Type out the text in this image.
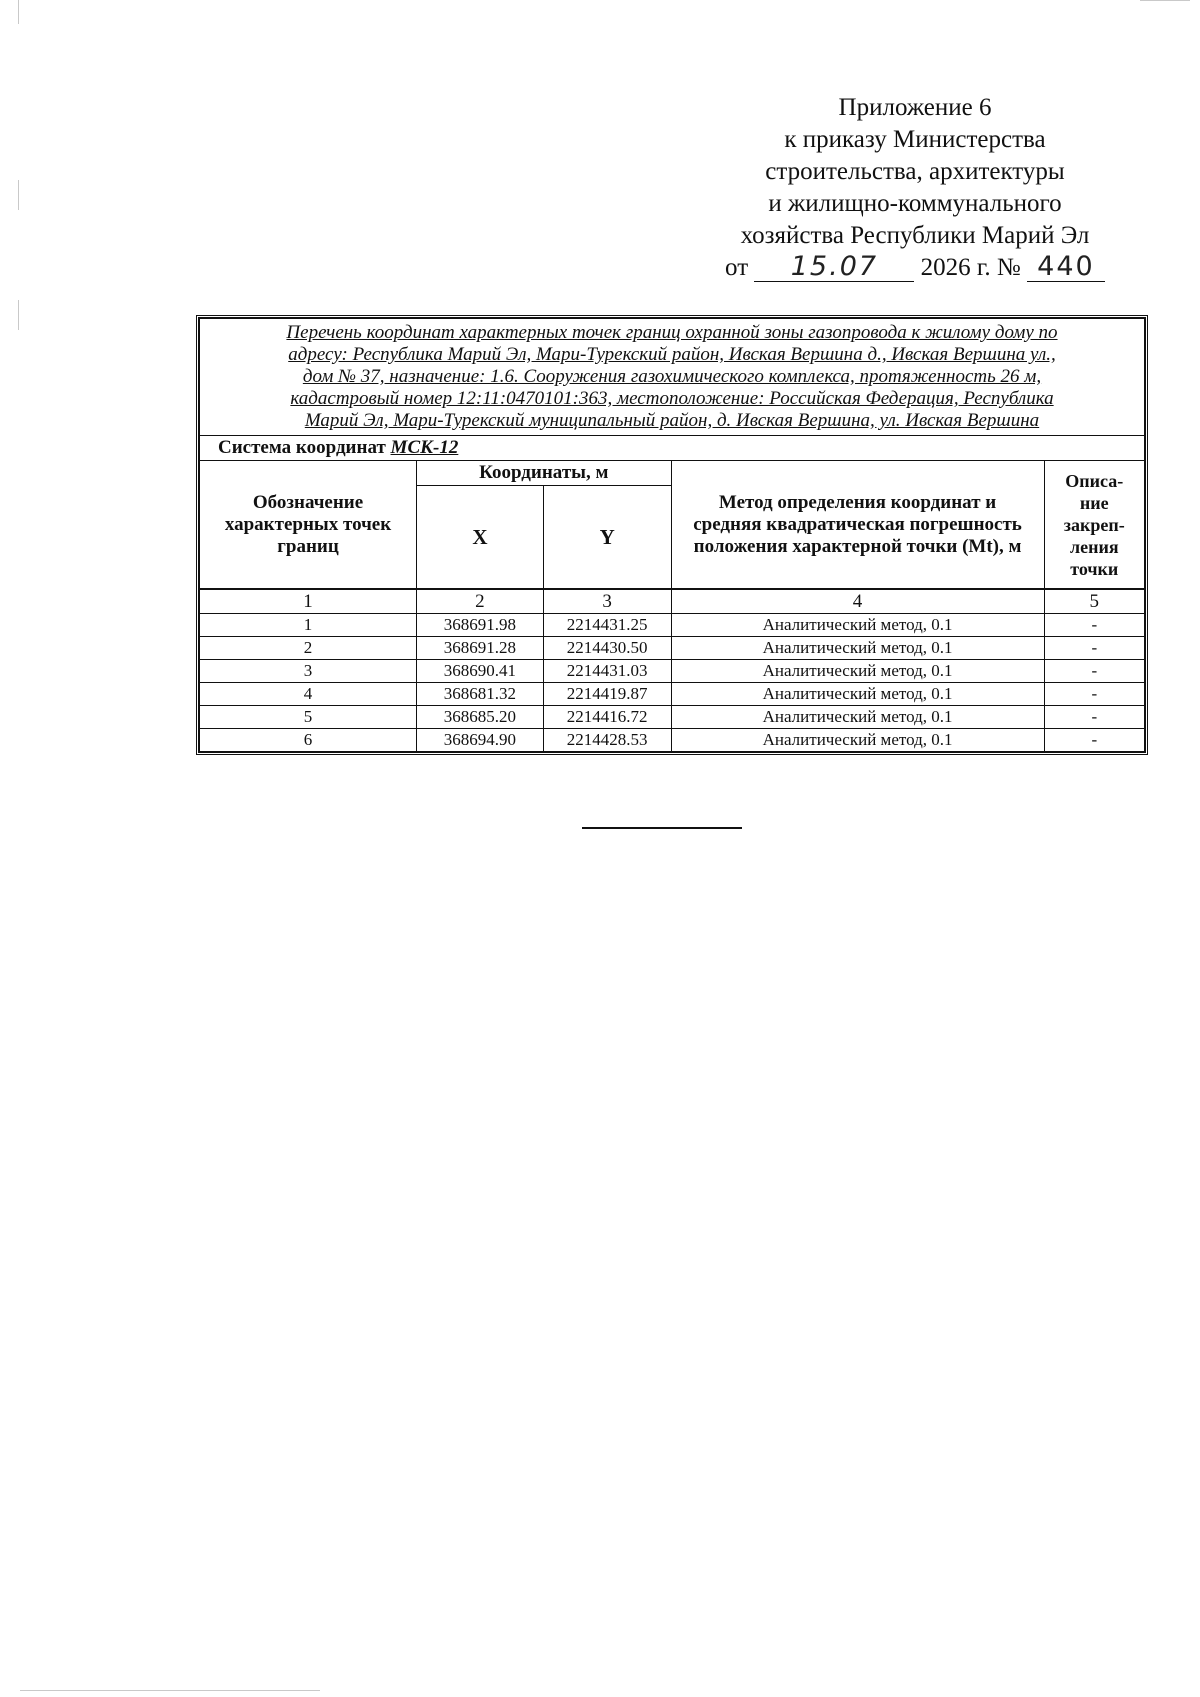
Приложение 6
к приказу Министерства
строительства, архитектуры
и жилищно-коммунального
хозяйства Республики Марий Эл
от 15.07 2026 г. № 440
Перечень координат характерных точек границ охранной зоны газопровода к жилому дому по
адресу: Республика Марий Эл, Мари-Турекский район, Ивская Вершина д., Ивская Вершина ул.,
дом № 37, назначение: 1.6. Сооружения газохимического комплекса, протяженность 26 м,
кадастровый номер 12:11:0470101:363, местоположение: Российская Федерация, Республика
Марий Эл, Мари-Турекский муниципальный район, д. Ивская Вершина, ул. Ивская Вершина				

Система координат МСК-12				
Обозначение характерных точек границ	Координаты, м		Метод определения координат и средняя квадратическая погрешность положения характерной точки (Mt), м	Описа-ние закреп-ления точки
	X	Y		
1	2	3	4	5
1	368691.98	2214431.25	Аналитический метод, 0.1	-
2	368691.28	2214430.50	Аналитический метод, 0.1	-
3	368690.41	2214431.03	Аналитический метод, 0.1	-
4	368681.32	2214419.87	Аналитический метод, 0.1	-
5	368685.20	2214416.72	Аналитический метод, 0.1	-
6	368694.90	2214428.53	Аналитический метод, 0.1	-
